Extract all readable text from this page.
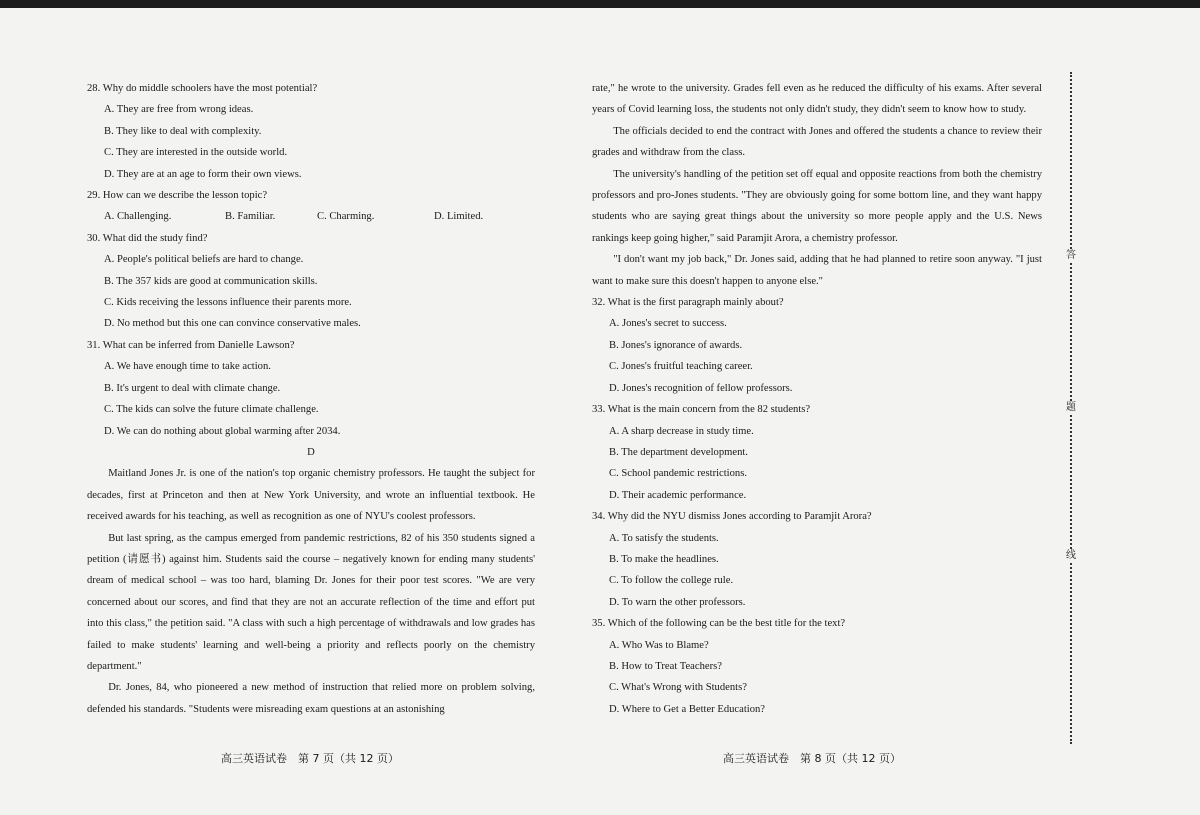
28. Why do middle schoolers have the most potential?
A. They are free from wrong ideas.
B. They like to deal with complexity.
C. They are interested in the outside world.
D. They are at an age to form their own views.
29. How can we describe the lesson topic?
A. Challenging.	B. Familiar.	C. Charming.	D. Limited.
30. What did the study find?
A. People's political beliefs are hard to change.
B. The 357 kids are good at communication skills.
C. Kids receiving the lessons influence their parents more.
D. No method but this one can convince conservative males.
31. What can be inferred from Danielle Lawson?
A. We have enough time to take action.
B. It's urgent to deal with climate change.
C. The kids can solve the future climate challenge.
D. We can do nothing about global warming after 2034.
D

Maitland Jones Jr. is one of the nation's top organic chemistry professors. He taught the subject for decades, first at Princeton and then at New York University, and wrote an influential textbook. He received awards for his teaching, as well as recognition as one of NYU's coolest professors.

But last spring, as the campus emerged from pandemic restrictions, 82 of his 350 students signed a petition (请愿书) against him. Students said the course – negatively known for ending many students' dream of medical school – was too hard, blaming Dr. Jones for their poor test scores. "We are very concerned about our scores, and find that they are not an accurate reflection of the time and effort put into this class," the petition said. "A class with such a high percentage of withdrawals and low grades has failed to make students' learning and well-being a priority and reflects poorly on the chemistry department."

Dr. Jones, 84, who pioneered a new method of instruction that relied more on problem solving, defended his standards. "Students were misreading exam questions at an astonishing

rate," he wrote to the university. Grades fell even as he reduced the difficulty of his exams. After several years of Covid learning loss, the students not only didn't study, they didn't seem to know how to study.

The officials decided to end the contract with Jones and offered the students a chance to review their grades and withdraw from the class.

The university's handling of the petition set off equal and opposite reactions from both the chemistry professors and pro-Jones students. "They are obviously going for some bottom line, and they want happy students who are saying great things about the university so more people apply and the U.S. News rankings keep going higher," said Paramjit Arora, a chemistry professor.

"I don't want my job back," Dr. Jones said, adding that he had planned to retire soon anyway. "I just want to make sure this doesn't happen to anyone else."

32. What is the first paragraph mainly about?
A. Jones's secret to success.
B. Jones's ignorance of awards.
C. Jones's fruitful teaching career.
D. Jones's recognition of fellow professors.
33. What is the main concern from the 82 students?
A. A sharp decrease in study time.
B. The department development.
C. School pandemic restrictions.
D. Their academic performance.
34. Why did the NYU dismiss Jones according to Paramjit Arora?
A. To satisfy the students.
B. To make the headlines.
C. To follow the college rule.
D. To warn the other professors.
35. Which of the following can be the best title for the text?
A. Who Was to Blame?
B. How to Treat Teachers?
C. What's Wrong with Students?
D. Where to Get a Better Education?
高三英语试卷　第 7 页（共 12 页）	高三英语试卷　第 8 页（共 12 页）
答
题
线
